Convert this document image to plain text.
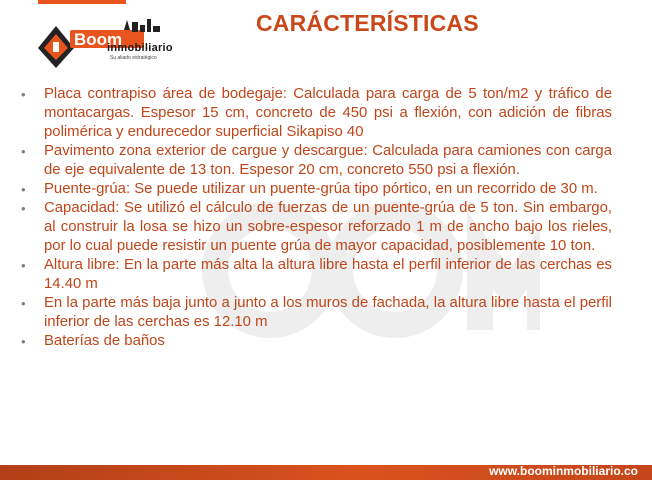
Boom
inmobiliario
Su aliado estratégico
CARÁCTERÍSTICAS
• Placa contrapiso área de bodegaje: Calculada para carga de 5 ton/m2 y tráfico de montacargas. Espesor 15 cm, concreto de 450 psi a flexión, con adición de fibras polimérica y endurecedor superficial Sikapiso 40
• Pavimento zona exterior de cargue y descargue: Calculada para camiones con carga de eje equivalente de 13 ton. Espesor 20 cm, concreto 550 psi a flexión.
• Puente-grúa: Se puede utilizar un puente-grúa tipo pórtico, en un recorrido de 30 m.
• Capacidad: Se utilizó el cálculo de fuerzas de un puente-grúa de 5 ton. Sin embargo, al construir la losa se hizo un sobre-espesor reforzado 1 m de ancho bajo los rieles, por lo cual puede resistir un puente grúa de mayor capacidad, posiblemente 10 ton.
• Altura libre: En la parte más alta la altura libre hasta el perfil inferior de las cerchas es 14.40 m
• En la parte más baja junto a junto a los muros de fachada, la altura libre hasta el perfil inferior de las cerchas es 12.10 m
• Baterías de baños
www.boominmobiliario.co
